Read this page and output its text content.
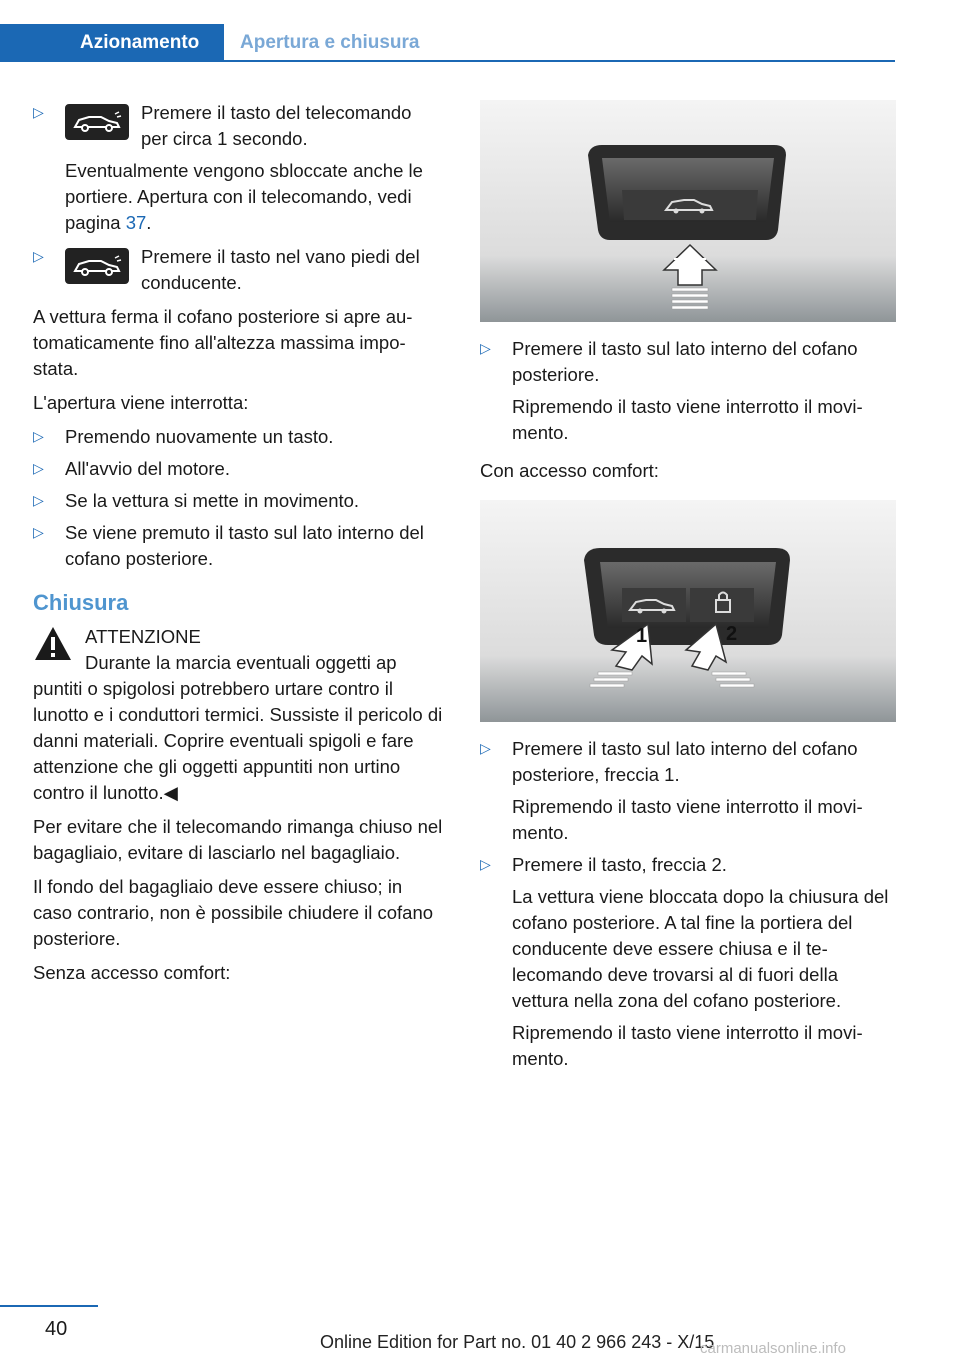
Azionamento	Apertura e chiusura
▷	Premere il tasto del telecomando per circa 1 secondo.

Eventualmente vengono sbloccate anche le portiere. Apertura con il telecomando, vedi pagina 37.

▷	Premere il tasto nel vano piedi del conducente.

A vettura ferma il cofano posteriore si apre automaticamente fino all'altezza massima impostata.

L'apertura viene interrotta:

▷ Premendo nuovamente un tasto.

▷ All'avvio del motore.

▷ Se la vettura si mette in movimento.

▷ Se viene premuto il tasto sul lato interno del cofano posteriore.

Chiusura

ATTENZIONE

Durante la marcia eventuali oggetti ap

puntiti o spigolosi potrebbero urtare contro il lunotto e i conduttori termici. Sussiste il pericolo di danni materiali. Coprire eventuali spigoli e fare attenzione che gli oggetti appuntiti non urtino contro il lunotto.◀

Per evitare che il telecomando rimanga chiuso nel bagagliaio, evitare di lasciarlo nel bagagliaio.

Il fondo del bagagliaio deve essere chiuso; in caso contrario, non è possibile chiudere il cofano posteriore.

Senza accesso comfort:

▷ Premere il tasto sul lato interno del cofano posteriore.

Ripremendo il tasto viene interrotto il movimento.

Con accesso comfort:

1	2
▷ Premere il tasto sul lato interno del cofano posteriore, freccia 1.

Ripremendo il tasto viene interrotto il movimento.

▷ Premere il tasto, freccia 2.

La vettura viene bloccata dopo la chiusura del cofano posteriore. A tal fine la portiera del conducente deve essere chiusa e il telecomando deve trovarsi al di fuori della vettura nella zona del cofano posteriore.

Ripremendo il tasto viene interrotto il movimento.

40
Online Edition for Part no. 01 40 2 966 243 - X/15
carmanualsonline.info
